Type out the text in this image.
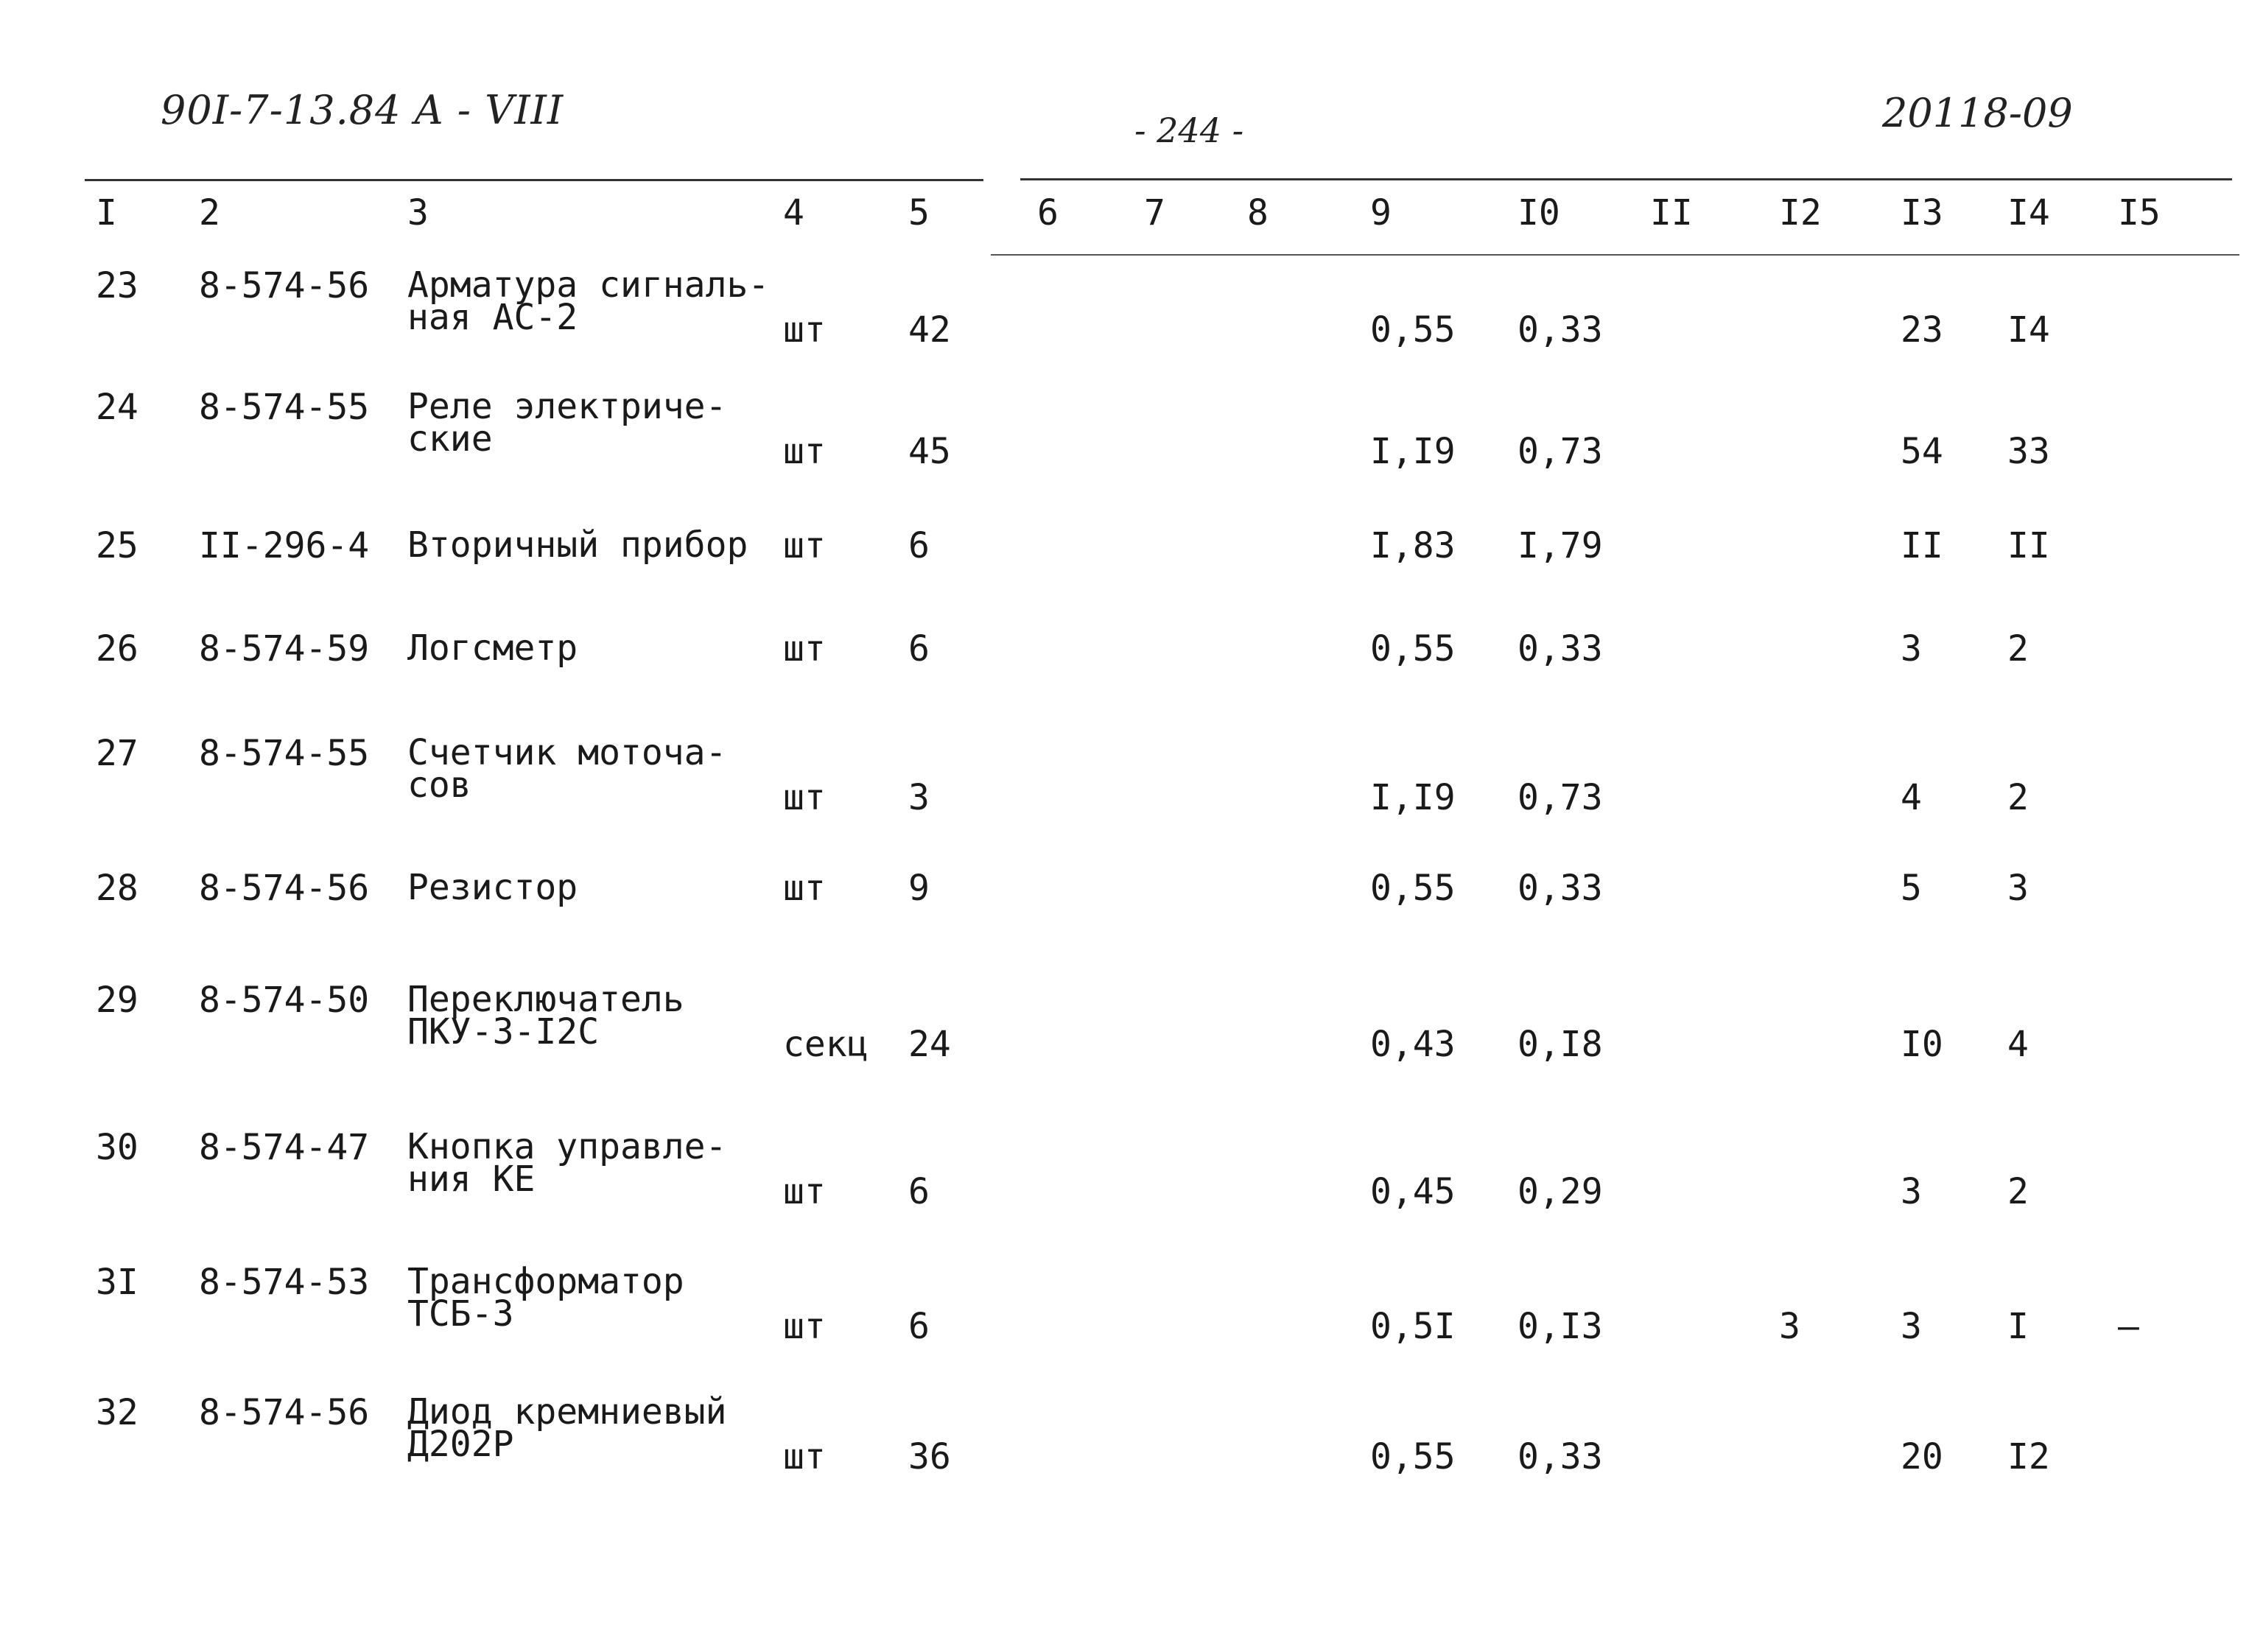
90I-7-13.84 A - VIII	- 244 -	20118-09
I 2	3	4	5	6 7 8	9	I0	II I2 I3 I4 I5
23 8-574-56 Арматура сигналь-
ная АС-2	шт 42	0,55 0,33	23 I4
24 8-574-55 Реле электриче-
ские	шт 45	I,I9 0,73	54 33
25 II-296-4 Вторичный прибор шт 6	I,83 I,79	II II
26 8-574-59 Логсметр	шт 6	0,55 0,33	3 2
27 8-574-55 Счетчик моточа-
сов	шт 3	I,I9 0,73	4 2
28 8-574-56 Резистор	шт 9	0,55 0,33	5 3
29 8-574-50 Переключатель
ПКУ-3-I2С	секц 24	0,43 0,I8	I0 4
30 8-574-47 Кнопка управле-
ния КЕ	шт 6	0,45 0,29	3 2
3I 8-574-53 Трансформатор
ТСБ-3	шт 6	0,5I 0,I3	3	3 I	–
32 8-574-56 Диод кремниевый
Д202Р	шт 36	0,55 0,33	20 I2
